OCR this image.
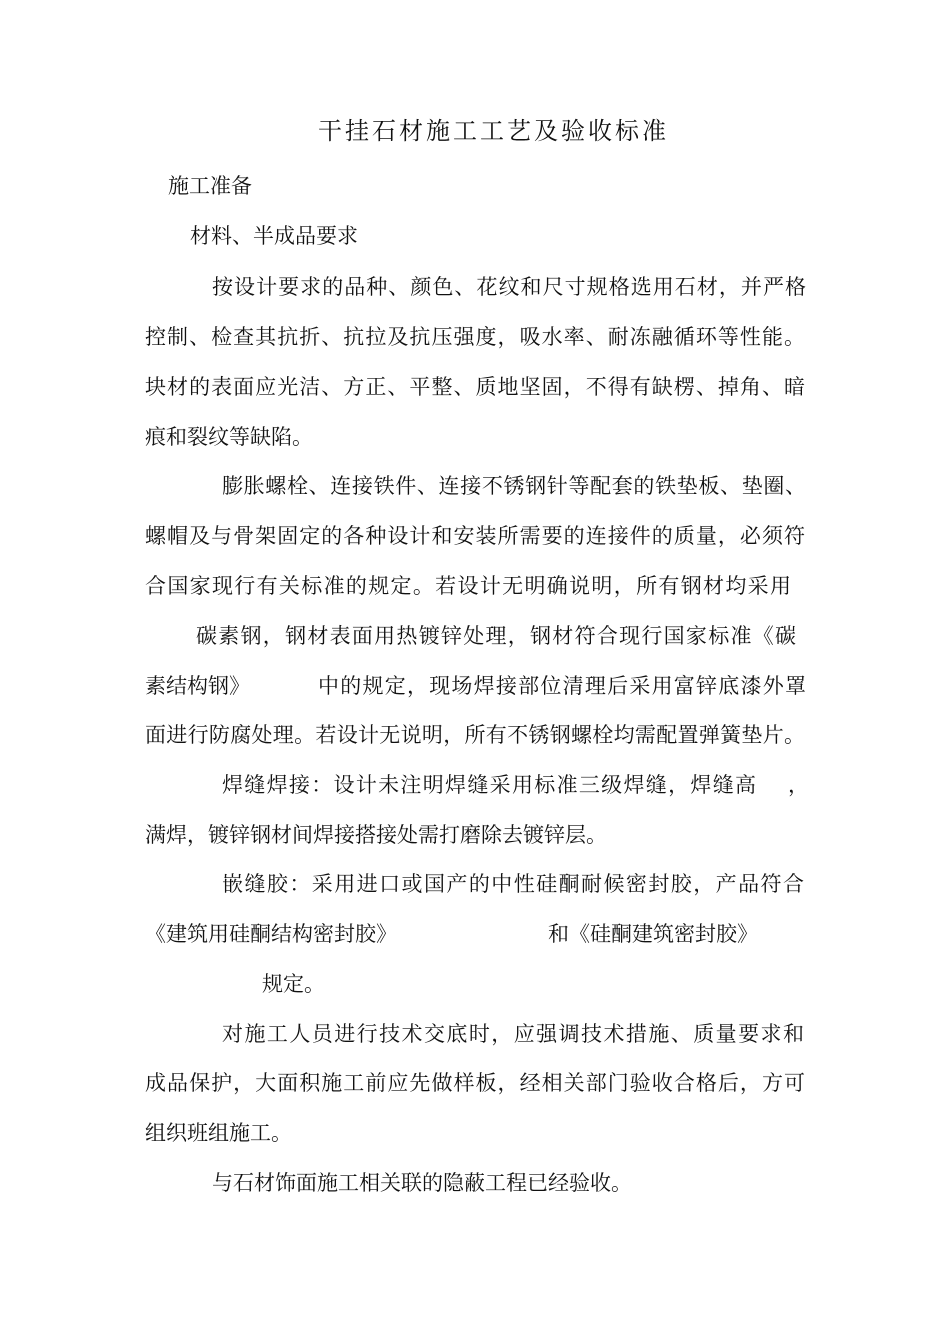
干挂石材施工工艺及验收标准
施工准备
材料、半成品要求
按设计要求的品种、颜色、花纹和尺寸规格选用石材，并严格
控制、检查其抗折、抗拉及抗压强度，吸水率、耐冻融循环等性能。
块材的表面应光洁、方正、平整、质地坚固，不得有缺楞、掉角、暗
痕和裂纹等缺陷。
膨胀螺栓、连接铁件、连接不锈钢针等配套的铁垫板、垫圈、
螺帽及与骨架固定的各种设计和安装所需要的连接件的质量，必须符
合国家现行有关标准的规定。若设计无明确说明，所有钢材均采用
碳素钢，钢材表面用热镀锌处理，钢材符合现行国家标准《碳
素结构钢》	中的规定，现场焊接部位清理后采用富锌底漆外罩
面进行防腐处理。若设计无说明，所有不锈钢螺栓均需配置弹簧垫片。
焊缝焊接：设计未注明焊缝采用标准三级焊缝，焊缝高 ，
满焊，镀锌钢材间焊接搭接处需打磨除去镀锌层。
嵌缝胶：采用进口或国产的中性硅酮耐候密封胶，产品符合
《建筑用硅酮结构密封胶》	和《硅酮建筑密封胶》
规定。
对施工人员进行技术交底时，应强调技术措施、质量要求和
成品保护，大面积施工前应先做样板，经相关部门验收合格后，方可
组织班组施工。
与石材饰面施工相关联的隐蔽工程已经验收。
